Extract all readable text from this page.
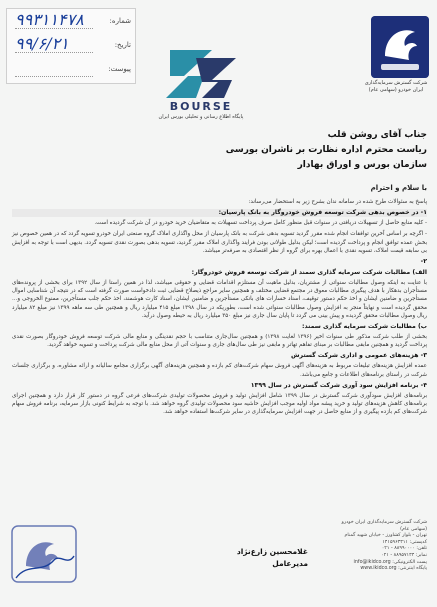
شماره:
۹۹۳۱۱۴۷۸
تاریخ:
۹۹/۶/۲۱
پیوست:
BOURSE
پایگاه اطلاع رسانی و تحلیلی بورس ایران
شرکت گسترش سرمایه‌گذاری
ایران خودرو (سهامی عام)
جناب آقای روشن قلب
ریاست محترم اداره نظارت بر ناشران بورسی
سازمان بورس و اوراق بهادار
با سلام و احترام

پاسخ به سئوالات طرح شده در سامانه ندان بشرح زیر به استحضار می‌رساند:

۱- در خصوص بدهی شرکت توسعه فروش خودروگار به بانک پارسیان:

- کلیه منابع حاصل از تسهیلات دریافتی در سنوات قبل منظور کامل صرف پرداخت تسهیلات به متقاضیان خرید خودرو در آن شرکت گردیده است.

- اگرچه بر اساس آخرین توافقات انجام شده مقرر گردید تسویه بدهی شرکت به بانک پارسیان از محل واگذاری املاک گروه صنعتی ایران خودرو تسویه گردد که در همین خصوص نیز بخش عمده توافق انجام و پرداخت گردیده است؛ لیکن بدلیل طولانی بودن فرایند واگذاری املاک مقرر گردید، تسویه بدهی بصورت نقدی تسویه گردد. بدیهی است با توجه به افزایش بی سابقه قیمت املاک، تسویه نقدی با اعمال بهره برای گروه از نظر اقتصادی به صرفه‌تر میباشد.

۲-
الف) مطالبات شرکت سرمایه گذاری سمند از شرکت توسعه فروش خودروگار:

با عنایت به اینکه وصول مطالبات سنواتی از مشتریان، بدلیل ماهیت آن مستلزم اقدامات قضایی و حقوقی میباشد، لذا در همین راستا از سال ۱۳۹۲ برای بخشی از پرونده‌های مستأجران بدهکار با هدف پیگیری مطالبات معوق در مجتمع قضایی مختلف و همچنین سایر مراجع ذیصلاح قضایی ثبت دادخواست صورت گرفته است که در نتیجه آن شناسایی اموال مستأجرین و ضامنین ایشان و اخذ حکم دستور توقیف، اسناد خسارات های بانکی مستأجرین و ضامنین ایشان، اسناد کارت هوشمند، اخذ حکم جلب مستأجرین، ممنوع الخروجی و... محقق گردیده است و نهایتاً منجر به افزایش وصول مطالبات سنواتی شده است، بطوریکه در سال ۱۳۹۸ مبلغ ۴۱۵ میلیارد ریال و همچنین طی سه ماهه ۱۳۹۹ نیز مبلغ ۸۲ میلیارد ریال وصول مطالبات محقق گردیده و پیش بینی می گردد تا پایان سال جاری نیز مبلغ ۳۵۰ میلیارد ریال به حیطه وصول درآید.

ب) مطالبات شرکت سرمایه گذاری سمند:

بخشی از طلب شرکت مذکور طی سنوات اخیر (۱۳۹۶ لغایت ۱۳۹۸) و همچنین سال‌جاری متناسب با حجم نقدینگی و منابع مالی شرکت توسعه فروش خودروگار بصورت نقدی پرداخت گردید و همچنین مابقی مطالبات بر مبنای تفاهم تهاتر و مابقی نیز طی سال‌های جاری و سنوات آتی از محل منابع مالی شرکت پرداخت و تسویه خواهد گردید.

۳- هزینه‌های عمومی و اداری شرکت گسترش

عمده افزایش هزینه‌های تبلیغات مربوط به هزینه‌های آگهی فروش سهام شرکت‌های کم بازده و همچنین هزینه‌های آگهی برگزاری مجامع سالیانه و ارائه مشاوره، و برگزاری جلسات شرکت در راستای برنامه‌های اطلاعات و جامع می‌باشد.

۴- برنامه افزایش سود آوری شرکت گسترش در سال ۱۳۹۹

برنامه‌های افزایش سودآوری شرکت گسترش در سال ۱۳۹۹ شامل افزایش تولید و فروش محصولات تولیدی شرکت‌های فرعی گروه در دستور کار قرار دارد و همچنین اجرای برنامه‌های کاهش هزینه‌های تولید و خرید پیشه مواد اولیه موجب افزایش حاشیه سود محصولات تولیدی گروه خواهد شد. با توجه به شرایط کنونی بازار سرمایه، برنامه فروش سهام شرکت‌های کم بازده پیگیری و از منابع حاصل در جهت افزایش سرمایه‌گذاری در سایر شرکت‌ها استفاده خواهد شد.

غلامحسین زارع‌نژاد
مدیرعامل
شرکت گسترش سرمایه‌گذاری ایران خودرو (سهامی عام)
تهران - بلوار کشاورز - خیابان شهید گمنام
کدپستی: ۱۴۱۵۹۶۳۳۱۱
تلفن: ۸۸۹۹۰۰۰۰ - ۰۲۱
نمابر: ۸۸۹۵۷۱۳۴ - ۰۲۱
پست الکترونیکی: info@ikidco.org
پایگاه اینترنتی: www.ikidco.org
